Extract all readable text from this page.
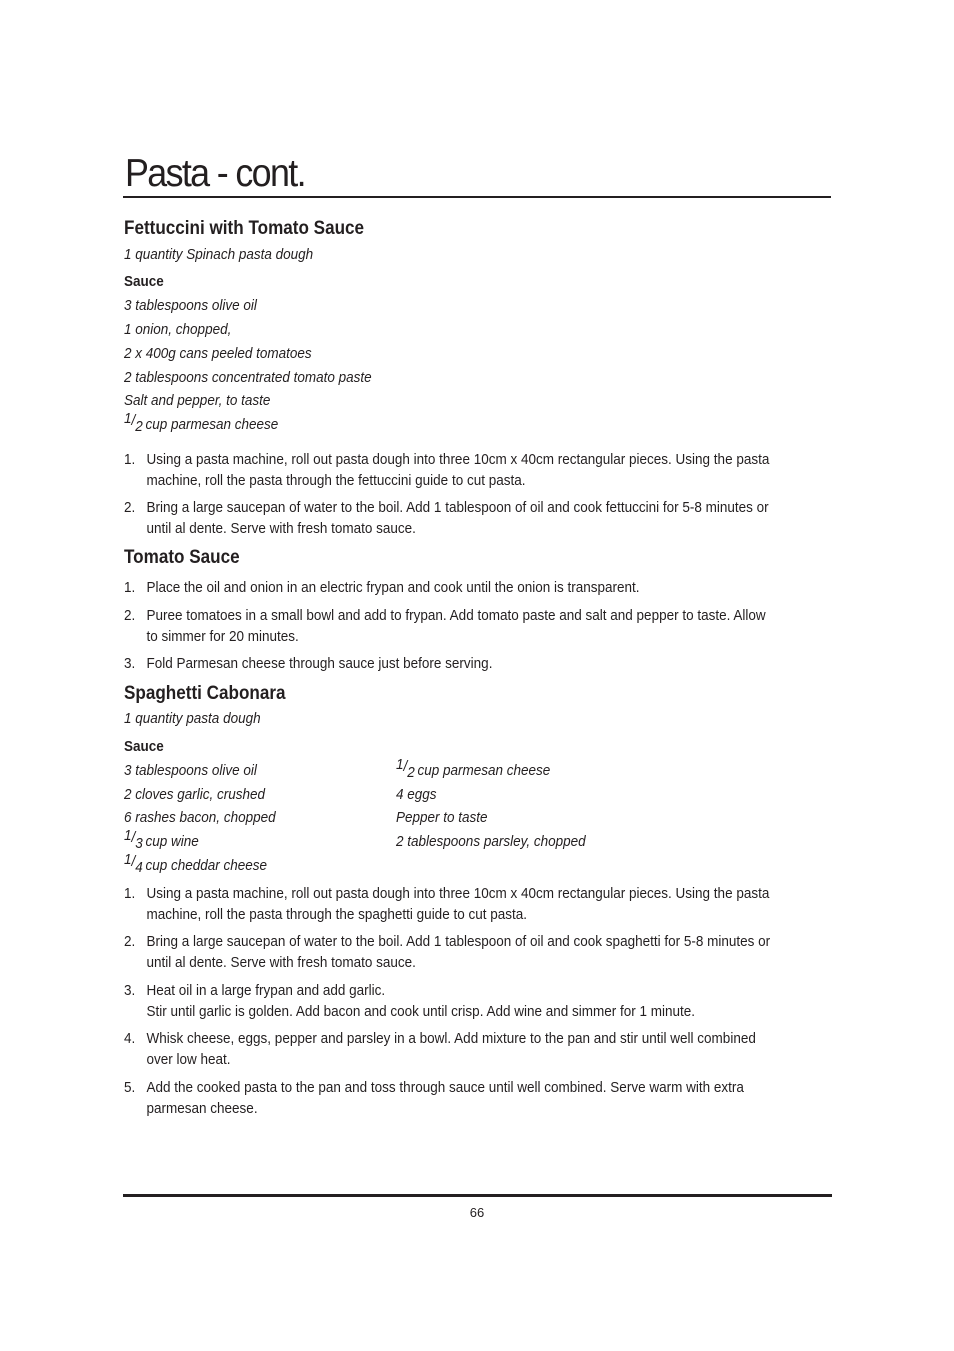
Pasta - cont.
Fettuccini with Tomato Sauce
1 quantity Spinach pasta dough
Sauce
3 tablespoons olive oil
1 onion, chopped,
2 x 400g cans peeled tomatoes
2 tablespoons concentrated tomato paste
Salt and pepper, to taste
$^1/_2$ cup parmesan cheese
1. Using a pasta machine, roll out pasta dough into three 10cm x 40cm rectangular pieces. Using the pasta machine, roll the pasta through the fettuccini guide to cut pasta.
2. Bring a large saucepan of water to the boil. Add 1 tablespoon of oil and cook fettuccini for 5-8 minutes or until al dente. Serve with fresh tomato sauce.
Tomato Sauce
1. Place the oil and onion in an electric frypan and cook until the onion is transparent.
2. Puree tomatoes in a small bowl and add to frypan. Add tomato paste and salt and pepper to taste. Allow to simmer for 20 minutes.
3. Fold Parmesan cheese through sauce just before serving.
Spaghetti Cabonara
1 quantity pasta dough
Sauce
3 tablespoons olive oil
2 cloves garlic, crushed
6 rashes bacon, chopped
$^1/_3$ cup wine
$^1/_4$ cup cheddar cheese
$^1/_2$ cup parmesan cheese
4 eggs
Pepper to taste
2 tablespoons parsley, chopped
1. Using a pasta machine, roll out pasta dough into three 10cm x 40cm rectangular pieces. Using the pasta machine, roll the pasta through the spaghetti guide to cut pasta.
2. Bring a large saucepan of water to the boil. Add 1 tablespoon of oil and cook spaghetti for 5-8 minutes or until al dente. Serve with fresh tomato sauce.
3. Heat oil in a large frypan and add garlic.
Stir until garlic is golden. Add bacon and cook until crisp. Add wine and simmer for 1 minute.
4. Whisk cheese, eggs, pepper and parsley in a bowl. Add mixture to the pan and stir until well combined over low heat.
5. Add the cooked pasta to the pan and toss through sauce until well combined. Serve warm with extra parmesan cheese.
66
